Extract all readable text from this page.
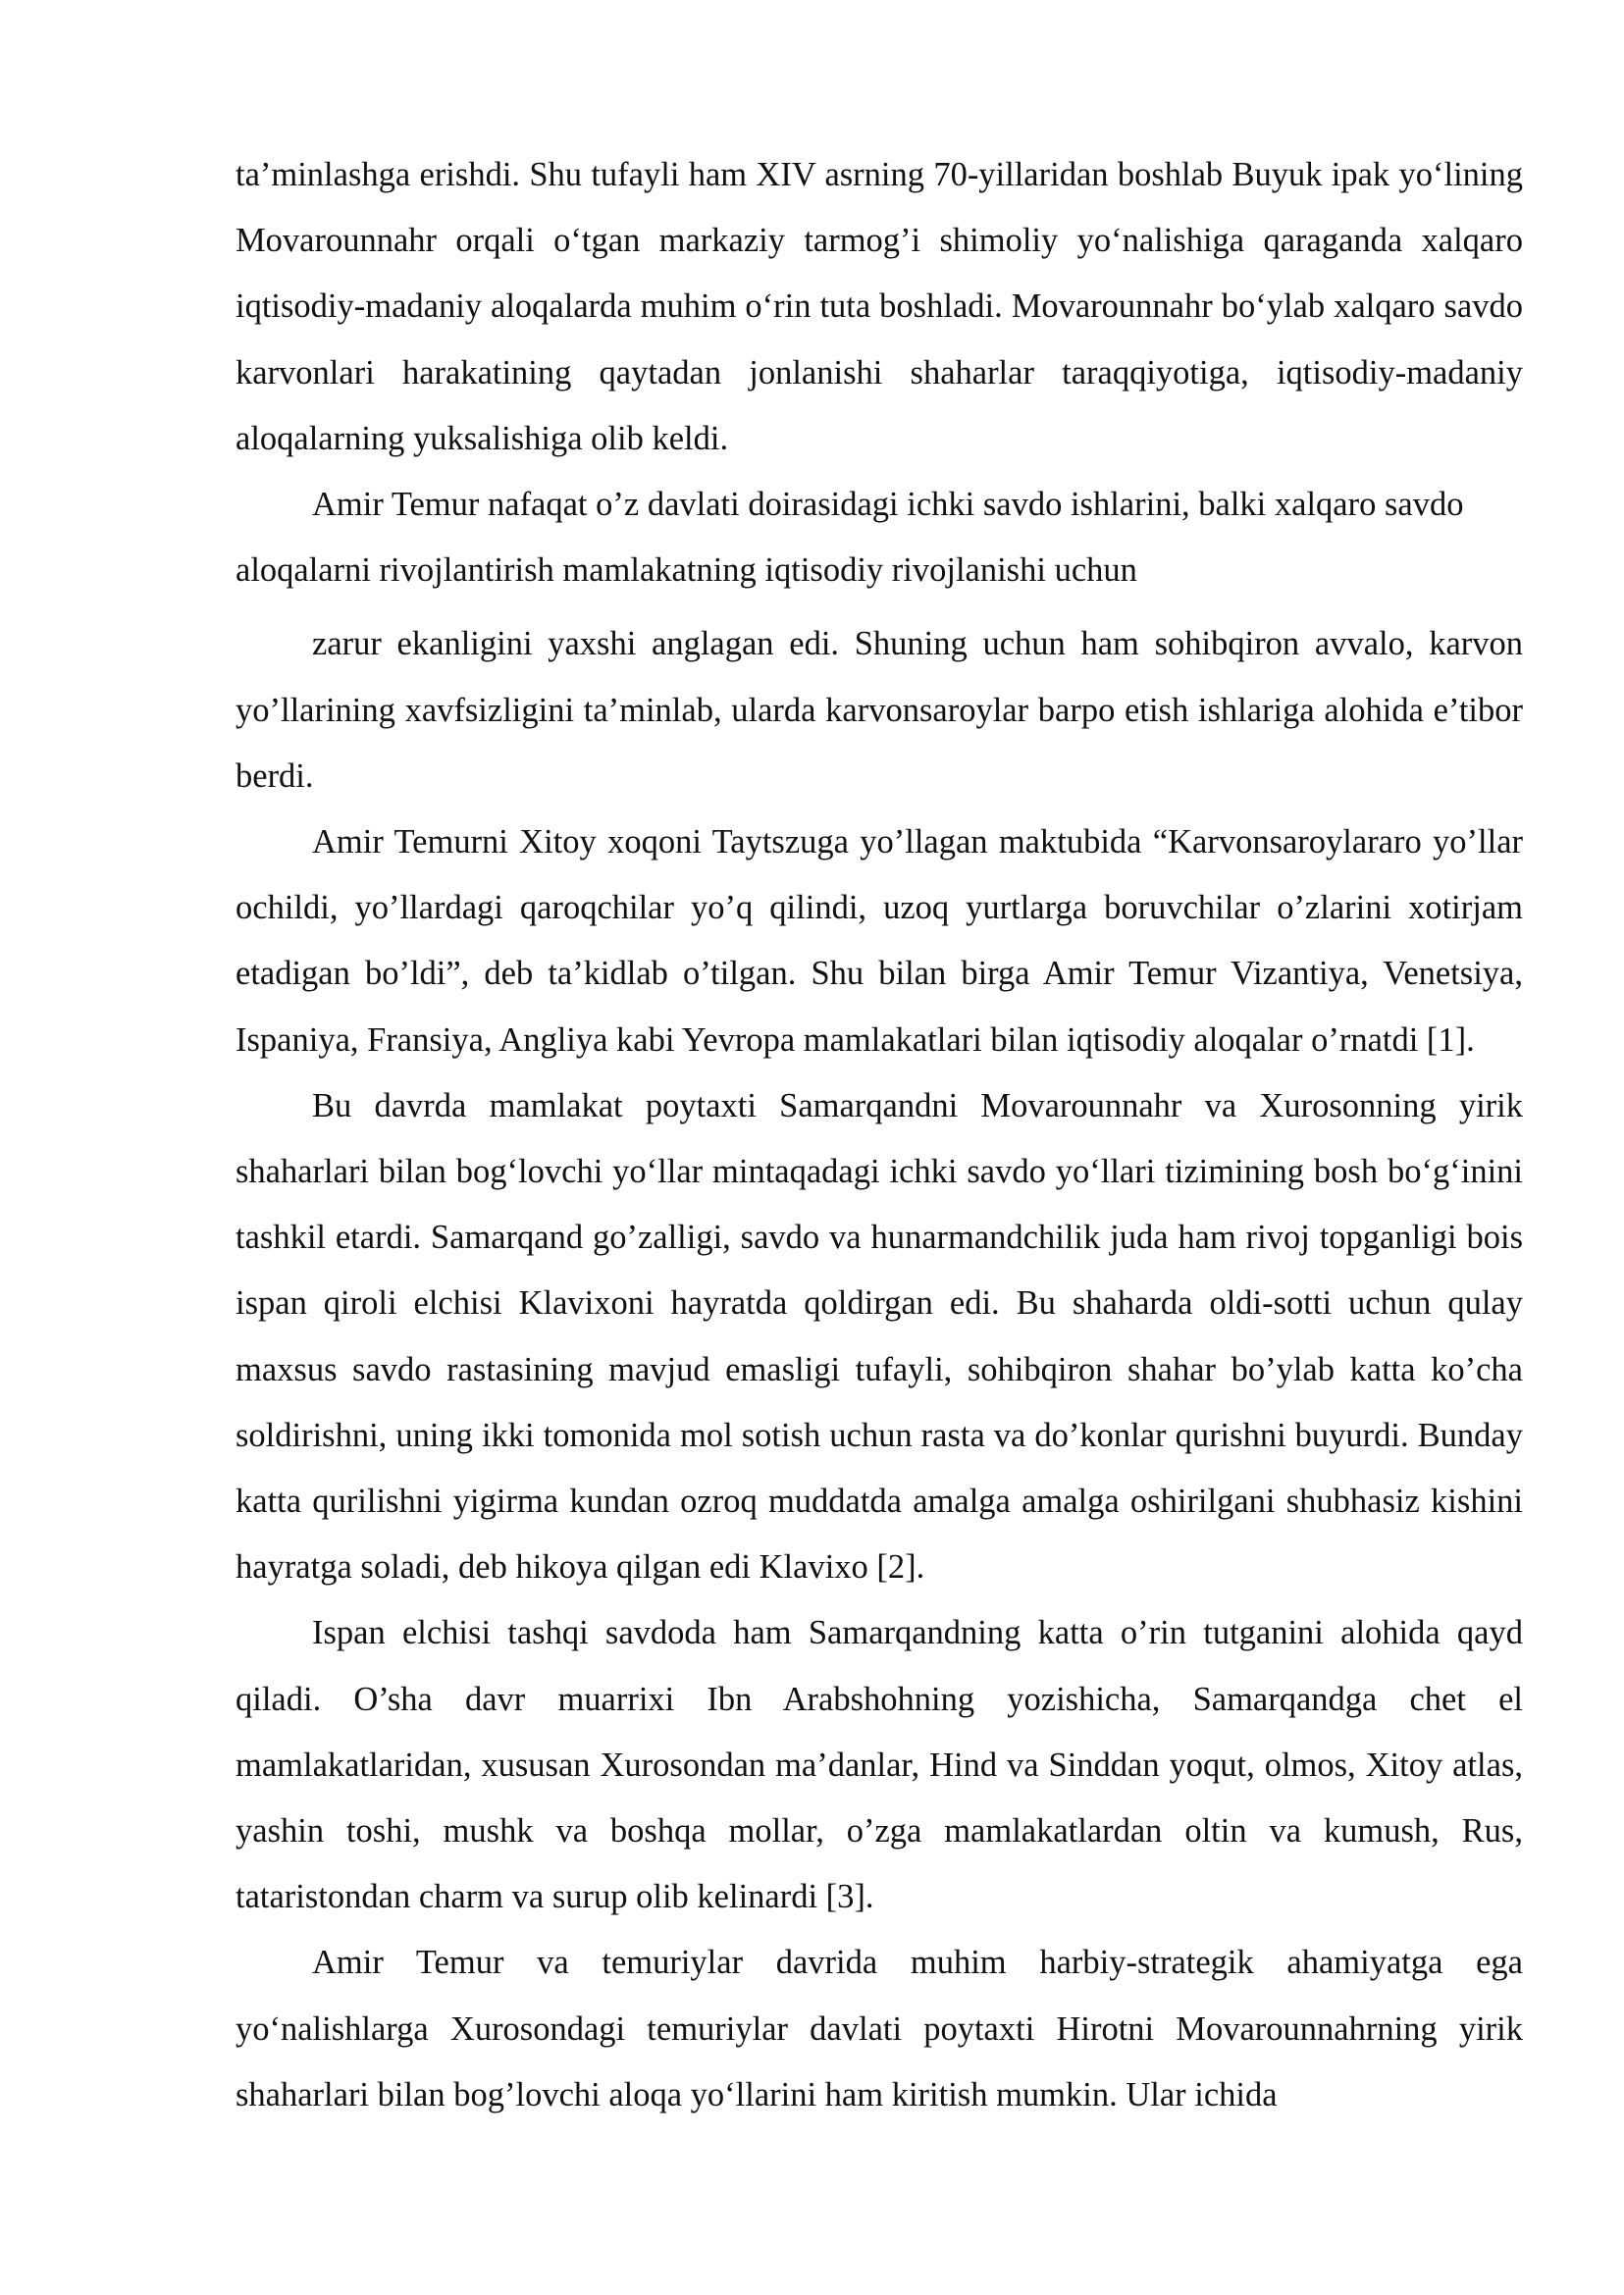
ta’minlashga erishdi. Shu tufayli ham XIV asrning 70-yillaridan boshlab Buyuk ipak yo‘lining Movarounnahr orqali o‘tgan markaziy tarmog’i shimoliy yo‘nalishiga qaraganda xalqaro iqtisodiy-madaniy aloqalarda muhim o‘rin tuta boshladi. Movarounnahr bo‘ylab xalqaro savdo karvonlari harakatining qaytadan jonlanishi shaharlar taraqqiyotiga, iqtisodiy-madaniy aloqalarning yuksalishiga olib keldi.

Amir Temur nafaqat o’z davlati doirasidagi ichki savdo ishlarini, balki xalqaro savdo aloqalarni rivojlantirish mamlakatning iqtisodiy rivojlanishi uchun

zarur ekanligini yaxshi anglagan edi. Shuning uchun ham sohibqiron avvalo, karvon yo’llarining xavfsizligini ta’minlab, ularda karvonsaroylar barpo etish ishlariga alohida e’tibor berdi.

Amir Temurni Xitoy xoqoni Taytszuga yo’llagan maktubida “Karvonsaroylararo yo’llar ochildi, yo’llardagi qaroqchilar yo’q qilindi, uzoq yurtlarga boruvchilar o’zlarini xotirjam etadigan bo’ldi”, deb ta’kidlab o’tilgan. Shu bilan birga Amir Temur Vizantiya, Venetsiya, Ispaniya, Fransiya, Angliya kabi Yevropa mamlakatlari bilan iqtisodiy aloqalar o’rnatdi [1].

Bu davrda mamlakat poytaxti Samarqandni Movarounnahr va Xurosonning yirik shaharlari bilan bog‘lovchi yo‘llar mintaqadagi ichki savdo yo‘llari tizimining bosh bo‘g‘inini tashkil etardi. Samarqand go’zalligi, savdo va hunarmandchilik juda ham rivoj topganligi bois ispan qiroli elchisi Klavixoni hayratda qoldirgan edi. Bu shaharda oldi-sotti uchun qulay maxsus savdo rastasining mavjud emasligi tufayli, sohibqiron shahar bo’ylab katta ko’cha soldirishni, uning ikki tomonida mol sotish uchun rasta va do’konlar qurishni buyurdi. Bunday katta qurilishni yigirma kundan ozroq muddatda amalga amalga oshirilgani shubhasiz kishini hayratga soladi, deb hikoya qilgan edi Klavixo [2].

Ispan elchisi tashqi savdoda ham Samarqandning katta o’rin tutganini alohida qayd qiladi. O’sha davr muarrixi Ibn Arabshohning yozishicha, Samarqandga chet el mamlakatlaridan, xususan Xurosondan ma’danlar, Hind va Sinddan yoqut, olmos, Xitoy atlas, yashin toshi, mushk va boshqa mollar, o’zga mamlakatlardan oltin va kumush, Rus, tataristondan charm va surup olib kelinardi [3].

Amir Temur va temuriylar davrida muhim harbiy-strategik ahamiyatga ega yo‘nalishlarga Xurosondagi temuriylar davlati poytaxti Hirotni Movarounnahrning yirik shaharlari bilan bog’lovchi aloqa yo‘llarini ham kiritish mumkin. Ular ichida
